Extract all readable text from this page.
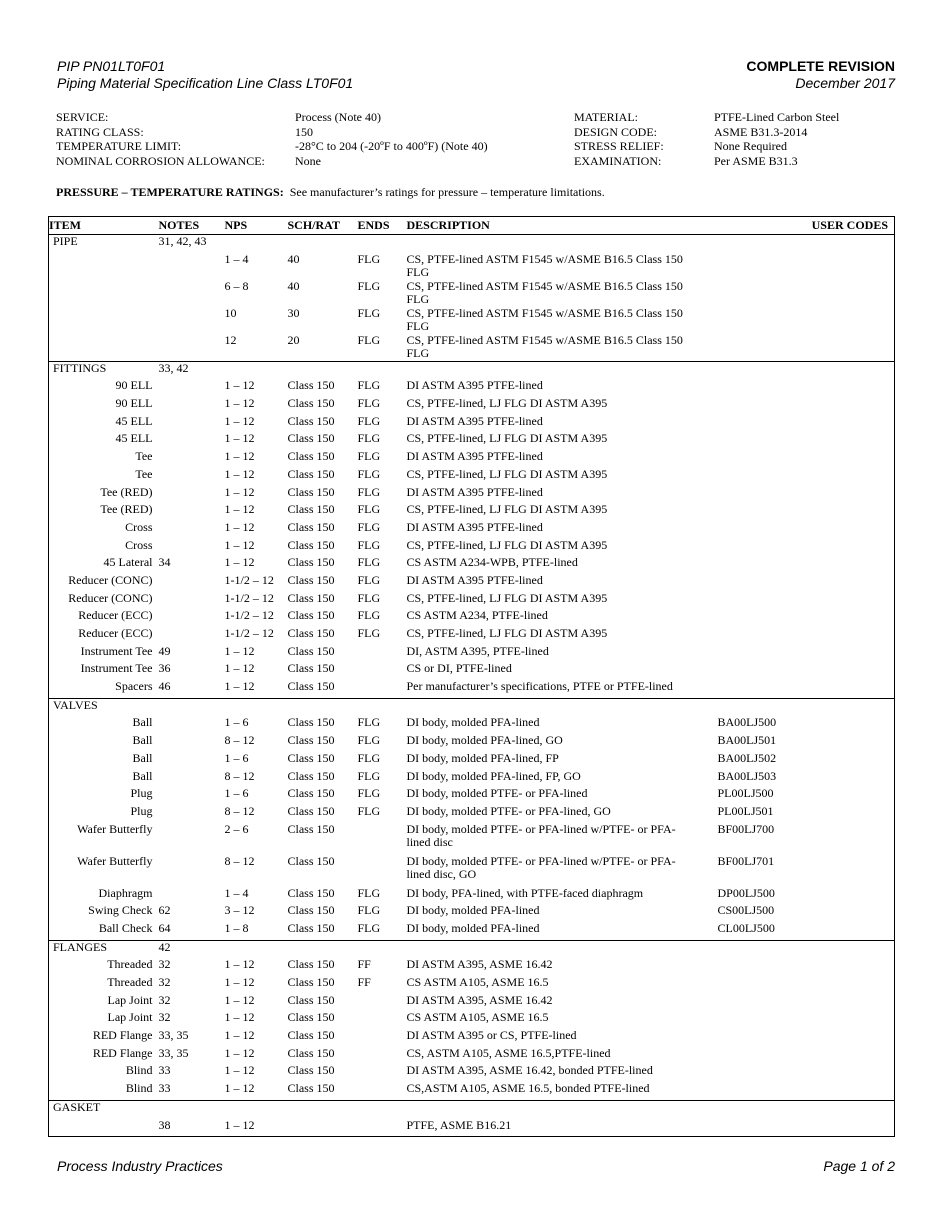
PIP PN01LT0F01	COMPLETE REVISION
Piping Material Specification Line Class LT0F01	December 2017
SERVICE:	Process (Note 40)	MATERIAL:	PTFE-Lined Carbon Steel
RATING CLASS:	150	DESIGN CODE:	ASME B31.3-2014
TEMPERATURE LIMIT:	-28°C to 204 (-20ºF to 400ºF) (Note 40)	STRESS RELIEF:	None Required
NOMINAL CORROSION ALLOWANCE:	None	EXAMINATION:	Per ASME B31.3
PRESSURE – TEMPERATURE RATINGS: See manufacturer’s ratings for pressure – temperature limitations.
ITEM	NOTES	NPS	SCH/RAT	ENDS	DESCRIPTION	USER CODES
PIPE	31, 42, 43					
		1 – 4	40	FLG	CS, PTFE-lined ASTM F1545 w/ASME B16.5 Class 150 FLG	
		6 – 8	40	FLG	CS, PTFE-lined ASTM F1545 w/ASME B16.5 Class 150 FLG	
		10	30	FLG	CS, PTFE-lined ASTM F1545 w/ASME B16.5 Class 150 FLG	
		12	20	FLG	CS, PTFE-lined ASTM F1545 w/ASME B16.5 Class 150 FLG	
FITTINGS	33, 42					
90 ELL		1 – 12	Class 150	FLG	DI ASTM A395 PTFE-lined	
90 ELL		1 – 12	Class 150	FLG	CS, PTFE-lined, LJ FLG DI ASTM A395	
45 ELL		1 – 12	Class 150	FLG	DI ASTM A395 PTFE-lined	
45 ELL		1 – 12	Class 150	FLG	CS, PTFE-lined, LJ FLG DI ASTM A395	
Tee		1 – 12	Class 150	FLG	DI ASTM A395 PTFE-lined	
Tee		1 – 12	Class 150	FLG	CS, PTFE-lined, LJ FLG DI ASTM A395	
Tee (RED)		1 – 12	Class 150	FLG	DI ASTM A395 PTFE-lined	
Tee (RED)		1 – 12	Class 150	FLG	CS, PTFE-lined, LJ FLG DI ASTM A395	
Cross		1 – 12	Class 150	FLG	DI ASTM A395 PTFE-lined	
Cross		1 – 12	Class 150	FLG	CS, PTFE-lined, LJ FLG DI ASTM A395	
45 Lateral	34	1 – 12	Class 150	FLG	CS ASTM A234-WPB, PTFE-lined	
Reducer (CONC)		1-1/2 – 12	Class 150	FLG	DI ASTM A395 PTFE-lined	
Reducer (CONC)		1-1/2 – 12	Class 150	FLG	CS, PTFE-lined, LJ FLG DI ASTM A395	
Reducer (ECC)		1-1/2 – 12	Class 150	FLG	CS ASTM A234, PTFE-lined	
Reducer (ECC)		1-1/2 – 12	Class 150	FLG	CS, PTFE-lined, LJ FLG DI ASTM A395	
Instrument Tee	49	1 – 12	Class 150		DI, ASTM A395, PTFE-lined	
Instrument Tee	36	1 – 12	Class 150		CS or DI, PTFE-lined	
Spacers	46	1 – 12	Class 150		Per manufacturer’s specifications, PTFE or PTFE-lined	
VALVES						
Ball		1 – 6	Class 150	FLG	DI body, molded PFA-lined	BA00LJ500
Ball		8 – 12	Class 150	FLG	DI body, molded PFA-lined, GO	BA00LJ501
Ball		1 – 6	Class 150	FLG	DI body, molded PFA-lined, FP	BA00LJ502
Ball		8 – 12	Class 150	FLG	DI body, molded PFA-lined, FP, GO	BA00LJ503
Plug		1 – 6	Class 150	FLG	DI body, molded PTFE- or PFA-lined	PL00LJ500
Plug		8 – 12	Class 150	FLG	DI body, molded PTFE- or PFA-lined, GO	PL00LJ501
Wafer Butterfly		2 – 6	Class 150		DI body, molded PTFE- or PFA-lined w/PTFE- or PFA-lined disc	BF00LJ700
Wafer Butterfly		8 – 12	Class 150		DI body, molded PTFE- or PFA-lined w/PTFE- or PFA-lined disc, GO	BF00LJ701
Diaphragm		1 – 4	Class 150	FLG	DI body, PFA-lined, with PTFE-faced diaphragm	DP00LJ500
Swing Check	62	3 – 12	Class 150	FLG	DI body, molded PFA-lined	CS00LJ500
Ball Check	64	1 – 8	Class 150	FLG	DI body, molded PFA-lined	CL00LJ500
FLANGES	42					
Threaded	32	1 – 12	Class 150	FF	DI ASTM A395, ASME 16.42	
Threaded	32	1 – 12	Class 150	FF	CS ASTM A105, ASME 16.5	
Lap Joint	32	1 – 12	Class 150		DI ASTM A395, ASME 16.42	
Lap Joint	32	1 – 12	Class 150		CS ASTM A105, ASME 16.5	
RED Flange	33, 35	1 – 12	Class 150		DI ASTM A395 or CS, PTFE-lined	
RED Flange	33, 35	1 – 12	Class 150		CS, ASTM A105, ASME 16.5,PTFE-lined	
Blind	33	1 – 12	Class 150		DI ASTM A395, ASME 16.42, bonded PTFE-lined	
Blind	33	1 – 12	Class 150		CS,ASTM A105, ASME 16.5, bonded PTFE-lined	
GASKET						
	38	1 – 12			PTFE, ASME B16.21	
Process Industry Practices	Page 1 of 2
